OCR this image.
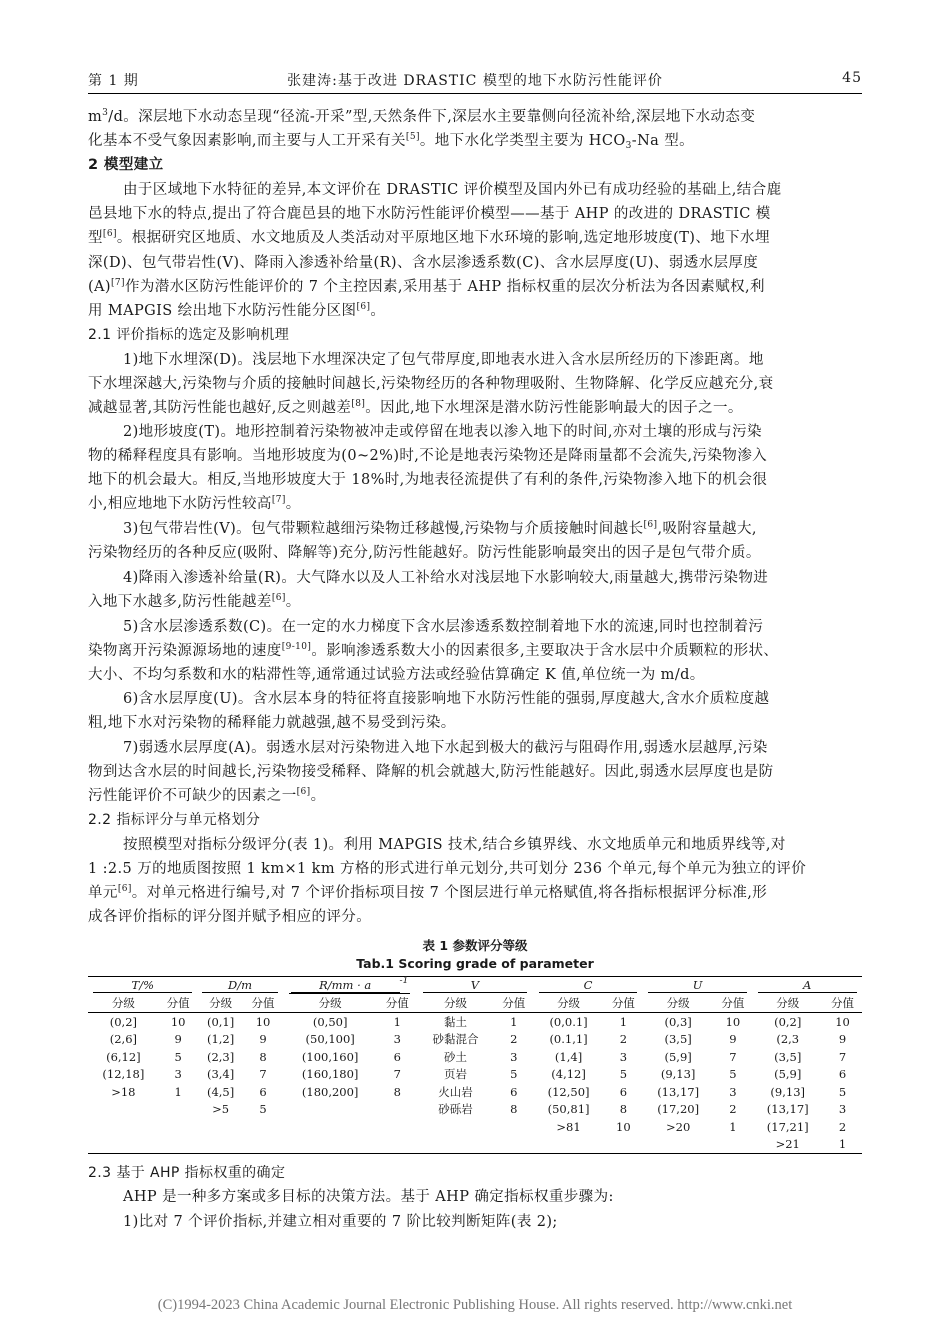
第 1 期	张建涛:基于改进 DRASTIC 模型的地下水防污性能评价	45
$m^3/d$。深层地下水动态呈现“径流-开采”型,天然条件下,深层水主要靠侧向径流补给,深层地下水动态变
化基本不受气象因素影响,而主要与人工开采有关[5]。地下水化学类型主要为 $HCO_3-Na$ 型。
2 模型建立
由于区域地下水特征的差异,本文评价在 DRASTIC 评价模型及国内外已有成功经验的基础上,结合鹿
邑县地下水的特点,提出了符合鹿邑县的地下水防污性能评价模型——基于 AHP 的改进的 DRASTIC 模
型[6]。根据研究区地质、水文地质及人类活动对平原地区地下水环境的影响,选定地形坡度(T)、地下水埋
深(D)、包气带岩性(V)、降雨入渗透补给量(R)、含水层渗透系数(C)、含水层厚度(U)、弱透水层厚度
(A)[7]作为潜水区防污性能评价的 7 个主控因素,采用基于 AHP 指标权重的层次分析法为各因素赋权,利
用 MAPGIS 绘出地下水防污性能分区图[6]。
2.1 评价指标的选定及影响机理
1)地下水埋深(D)。浅层地下水埋深决定了包气带厚度,即地表水进入含水层所经历的下渗距离。地
下水埋深越大,污染物与介质的接触时间越长,污染物经历的各种物理吸附、生物降解、化学反应越充分,衰
减越显著,其防污性能也越好,反之则越差[8]。因此,地下水埋深是潜水防污性能影响最大的因子之一。
2)地形坡度(T)。地形控制着污染物被冲走或停留在地表以渗入地下的时间,亦对土壤的形成与污染
物的稀释程度具有影响。当地形坡度为(0~2%)时,不论是地表污染物还是降雨量都不会流失,污染物渗入
地下的机会最大。相反,当地形坡度大于 18%时,为地表径流提供了有利的条件,污染物渗入地下的机会很
小,相应地地下水防污性较高[7]。
3)包气带岩性(V)。包气带颗粒越细污染物迁移越慢,污染物与介质接触时间越长[6],吸附容量越大,
污染物经历的各种反应(吸附、降解等)充分,防污性能越好。防污性能影响最突出的因子是包气带介质。
4)降雨入渗透补给量(R)。大气降水以及人工补给水对浅层地下水影响较大,雨量越大,携带污染物进
入地下水越多,防污性能越差[6]。
5)含水层渗透系数(C)。在一定的水力梯度下含水层渗透系数控制着地下水的流速,同时也控制着污
染物离开污染源源场地的速度[9-10]。影响渗透系数大小的因素很多,主要取决于含水层中介质颗粒的形状、
大小、不均匀系数和水的粘滞性等,通常通过试验方法或经验估算确定 K 值,单位统一为 m/d。
6)含水层厚度(U)。含水层本身的特征将直接影响地下水防污性能的强弱,厚度越大,含水介质粒度越
粗,地下水对污染物的稀释能力就越强,越不易受到污染。
7)弱透水层厚度(A)。弱透水层对污染物进入地下水起到极大的截污与阻碍作用,弱透水层越厚,污染
物到达含水层的时间越长,污染物接受稀释、降解的机会就越大,防污性能越好。因此,弱透水层厚度也是防
污性能评价不可缺少的因素之一[6]。
2.2 指标评分与单元格划分
按照模型对指标分级评分(表 1)。利用 MAPGIS 技术,结合乡镇界线、水文地质单元和地质界线等,对
1 :2.5 万的地质图按照 1 km×1 km 方格的形式进行单元划分,共可划分 236 个单元,每个单元为独立的评价
单元[6]。对单元格进行编号,对 7 个评价指标项目按 7 个图层进行单元格赋值,将各指标根据评分标准,形
成各评价指标的评分图并赋予相应的评分。
表 1 参数评分等级
Tab.1 Scoring grade of parameter
T/%		D/m		R/mm · a $^{-1}$		V		C		U		A	
分级	分值	分级	分值	分级	分值	分级	分值	分级	分值	分级	分值	分级	分值
(0,2]	10	(0,1]	10	(0,50]	1	黏土	1	(0,0.1]	1	(0,3]	10	(0,2]	10
(2,6]	9	(1,2]	9	(50,100]	3	砂黏混合	2	(0.1,1]	2	(3,5]	9	(2,3	9
(6,12]	5	(2,3]	8	(100,160]	6	砂土	3	(1,4]	3	(5,9]	7	(3,5]	7
(12,18]	3	(3,4]	7	(160,180]	7	页岩	5	(4,12]	5	(9,13]	5	(5,9]	6
>18	1	(4,5]	6	(180,200]	8	火山岩	6	(12,50]	6	(13,17]	3	(9,13]	5
		>5	5			砂砾岩	8	(50,81]	8	(17,20]	2	(13,17]	3
								>81	10	>20	1	(17,21]	2
												>21	1
2.3 基于 AHP 指标权重的确定
AHP 是一种多方案或多目标的决策方法。基于 AHP 确定指标权重步骤为:
1)比对 7 个评价指标,并建立相对重要的 7 阶比较判断矩阵(表 2);
(C)1994-2023 China Academic Journal Electronic Publishing House. All rights reserved. http://www.cnki.net
